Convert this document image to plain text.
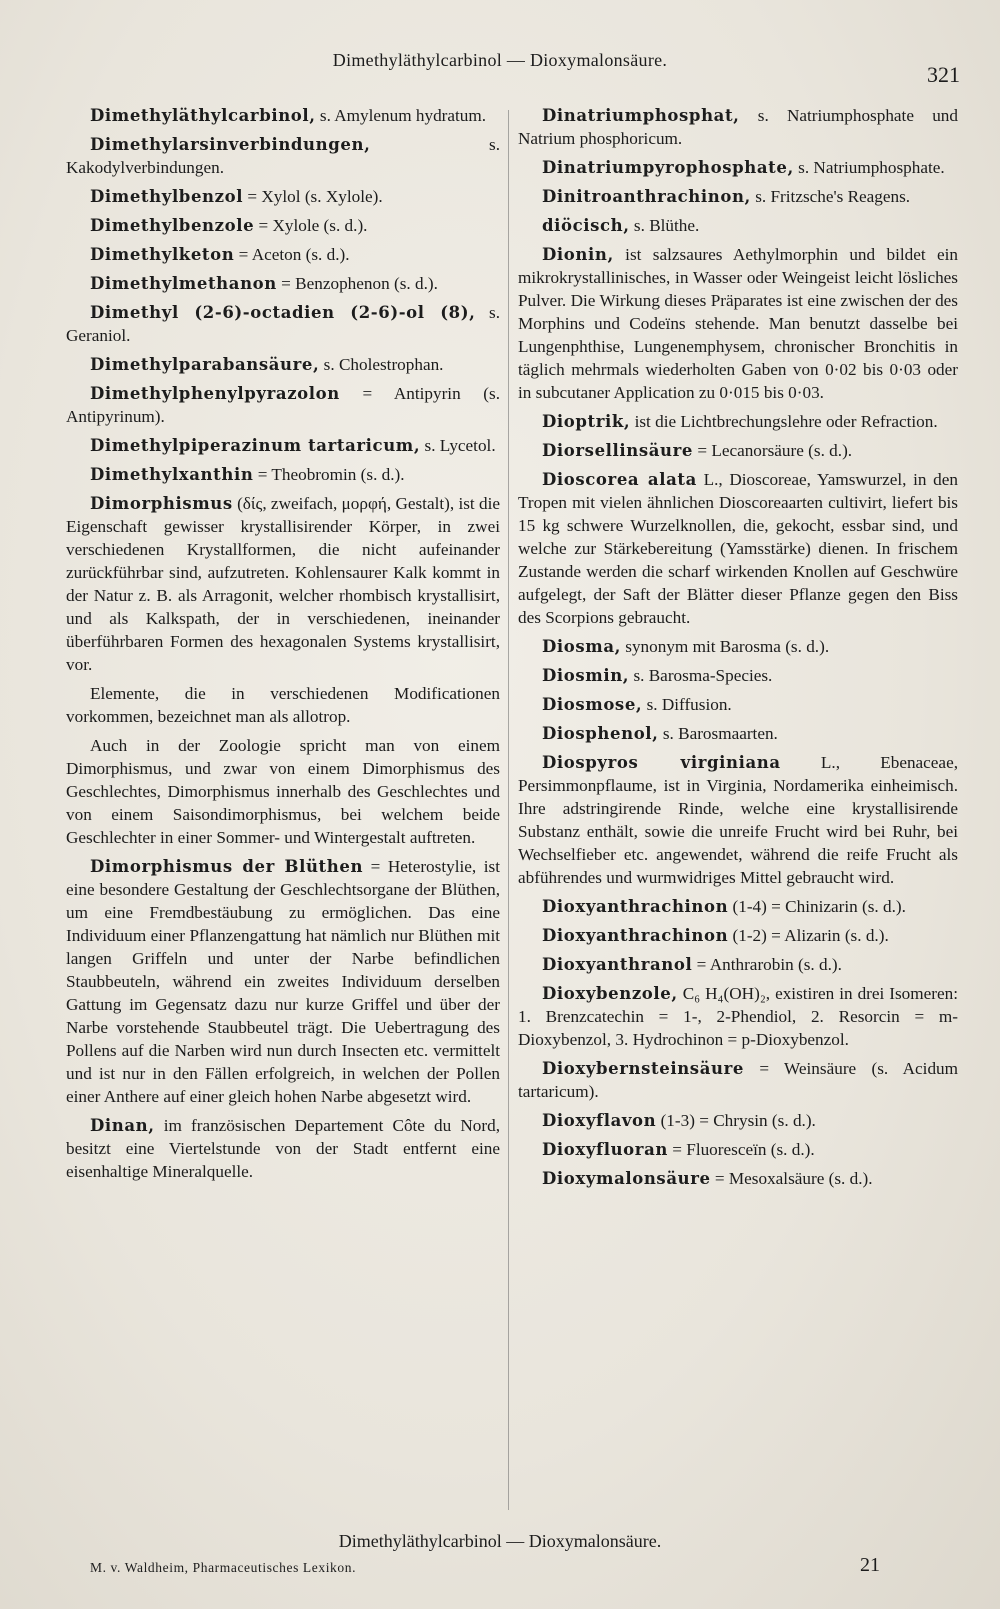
Dimethyläthylcarbinol — Dioxymalonsäure.
321

Dimethyläthylcarbinol, s. Amylenum hydratum.

Dimethylarsinverbindungen, s. Kakodylverbindungen.

Dimethylbenzol = Xylol (s. Xylole).

Dimethylbenzole = Xylole (s. d.).

Dimethylketon = Aceton (s. d.).

Dimethylmethanon = Benzophenon (s. d.).

Dimethyl (2-6)-octadien (2-6)-ol (8), s. Geraniol.

Dimethylparabansäure, s. Cholestrophan.

Dimethylphenylpyrazolon = Antipyrin (s. Antipyrinum).

Dimethylpiperazinum tartaricum, s. Lycetol.

Dimethylxanthin = Theobromin (s. d.).

Dimorphismus (δίς, zweifach, μορφή, Gestalt), ist die Eigenschaft gewisser krystallisirender Körper, in zwei verschiedenen Krystallformen, die nicht aufeinander zurückführbar sind, aufzutreten. Kohlensaurer Kalk kommt in der Natur z. B. als Arragonit, welcher rhombisch krystallisirt, und als Kalkspath, der in verschiedenen, ineinander überführbaren Formen des hexagonalen Systems krystallisirt, vor.

Elemente, die in verschiedenen Modificationen vorkommen, bezeichnet man als allotrop.

Auch in der Zoologie spricht man von einem Dimorphismus, und zwar von einem Dimorphismus des Geschlechtes, Dimorphismus innerhalb des Geschlechtes und von einem Saisondimorphismus, bei welchem beide Geschlechter in einer Sommer- und Wintergestalt auftreten.

Dimorphismus der Blüthen = Heterostylie, ist eine besondere Gestaltung der Geschlechtsorgane der Blüthen, um eine Fremdbestäubung zu ermöglichen. Das eine Individuum einer Pflanzengattung hat nämlich nur Blüthen mit langen Griffeln und unter der Narbe befindlichen Staubbeuteln, während ein zweites Individuum derselben Gattung im Gegensatz dazu nur kurze Griffel und über der Narbe vorstehende Staubbeutel trägt. Die Uebertragung des Pollens auf die Narben wird nun durch Insecten etc. vermittelt und ist nur in den Fällen erfolgreich, in welchen der Pollen einer Anthere auf einer gleich hohen Narbe abgesetzt wird.

Dinan, im französischen Departement Côte du Nord, besitzt eine Viertelstunde von der Stadt entfernt eine eisenhaltige Mineralquelle.

Dinatriumphosphat, s. Natriumphosphate und Natrium phosphoricum.

Dinatriumpyrophosphate, s. Natriumphosphate.

Dinitroanthrachinon, s. Fritzsche's Reagens.

diöcisch, s. Blüthe.

Dionin, ist salzsaures Aethylmorphin und bildet ein mikrokrystallinisches, in Wasser oder Weingeist leicht lösliches Pulver. Die Wirkung dieses Präparates ist eine zwischen der des Morphins und Codeïns stehende. Man benutzt dasselbe bei Lungenphthise, Lungenemphysem, chronischer Bronchitis in täglich mehrmals wiederholten Gaben von 0·02 bis 0·03 oder in subcutaner Application zu 0·015 bis 0·03.

Dioptrik, ist die Lichtbrechungslehre oder Refraction.

Diorsellinsäure = Lecanorsäure (s. d.).

Dioscorea alata L., Dioscoreae, Yamswurzel, in den Tropen mit vielen ähnlichen Dioscoreaarten cultivirt, liefert bis 15 kg schwere Wurzelknollen, die, gekocht, essbar sind, und welche zur Stärkebereitung (Yamsstärke) dienen. In frischem Zustande werden die scharf wirkenden Knollen auf Geschwüre aufgelegt, der Saft der Blätter dieser Pflanze gegen den Biss des Scorpions gebraucht.

Diosma, synonym mit Barosma (s. d.).

Diosmin, s. Barosma-Species.

Diosmose, s. Diffusion.

Diosphenol, s. Barosmaarten.

Diospyros virginiana L., Ebenaceae, Persimmonpflaume, ist in Virginia, Nordamerika einheimisch. Ihre adstringirende Rinde, welche eine krystallisirende Substanz enthält, sowie die unreife Frucht wird bei Ruhr, bei Wechselfieber etc. angewendet, während die reife Frucht als abführendes und wurmwidriges Mittel gebraucht wird.

Dioxyanthrachinon (1-4) = Chinizarin (s. d.).

Dioxyanthrachinon (1-2) = Alizarin (s. d.).

Dioxyanthranol = Anthrarobin (s. d.).

Dioxybenzole, C₆ H₄(OH)₂, existiren in drei Isomeren: 1. Brenzcatechin = 1-, 2-Phendiol, 2. Resorcin = m-Dioxybenzol, 3. Hydrochinon = p-Dioxybenzol.

Dioxybernsteinsäure = Weinsäure (s. Acidum tartaricum).

Dioxyflavon (1-3) = Chrysin (s. d.).

Dioxyfluoran = Fluoresceïn (s. d.).

Dioxymalonsäure = Mesoxalsäure (s. d.).

Dimethyläthylcarbinol — Dioxymalonsäure.
M. v. Waldheim, Pharmaceutisches Lexikon.	21
